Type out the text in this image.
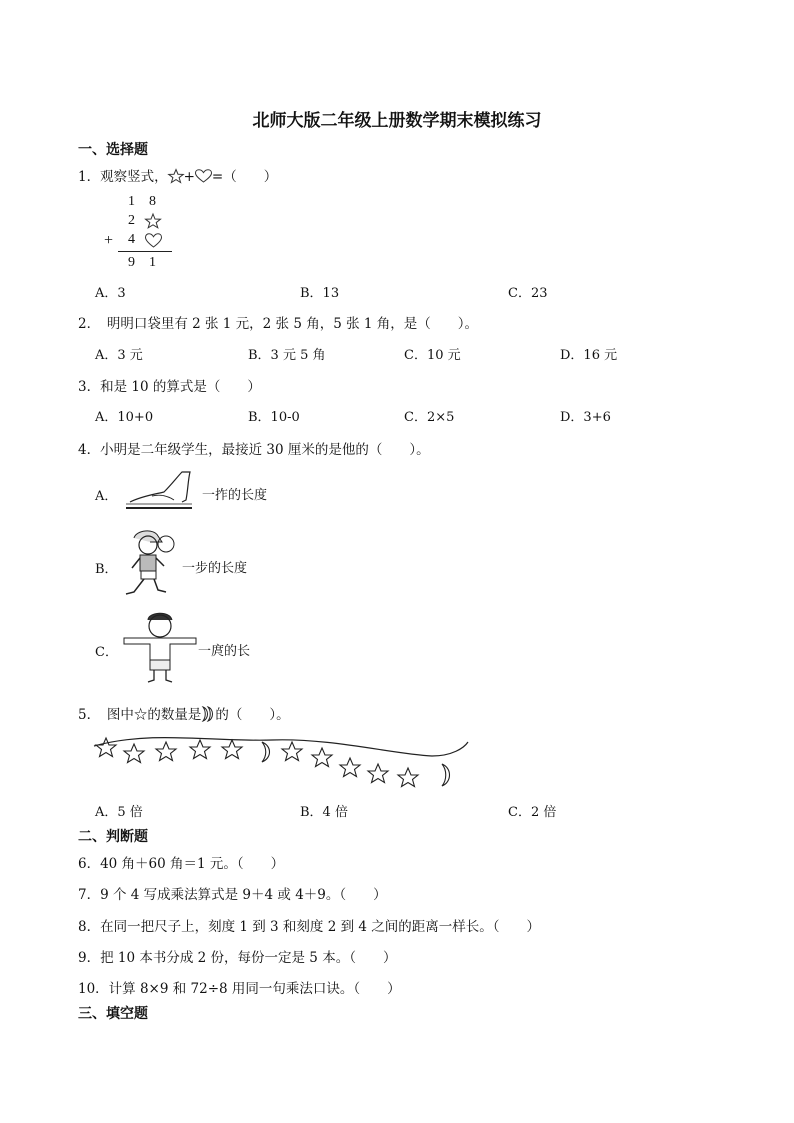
北师大版二年级上册数学期末模拟练习
一、选择题
1．观察竖式， + =（　　）
1 8
2
+ 4
9 1
A．3	B．13	C．23
2．　明明口袋里有 2 张 1 元，2 张 5 角，5 张 1 角，是（　　）。
A．3 元	B．3 元 5 角	C．10 元	D．16 元
3．和是 10 的算式是（　　）
A．10+0	B．10-0	C．2×5	D．3+6
4．小明是二年级学生，最接近 30 厘米的是他的（　　）。
A．	一拃的长度
B．	一步的长度
C．	一庹的长
5．　图中☆的数量是 的（　　）。
A．5 倍	B．4 倍	C．2 倍
二、判断题
6．40 角＋60 角＝1 元。（　　）
7．9 个 4 写成乘法算式是 9＋4 或 4＋9。（　　）
8．在同一把尺子上，刻度 1 到 3 和刻度 2 到 4 之间的距离一样长。（　　）
9．把 10 本书分成 2 份，每份一定是 5 本。（　　）
10．计算 8×9 和 72÷8 用同一句乘法口诀。（　　）
三、填空题
